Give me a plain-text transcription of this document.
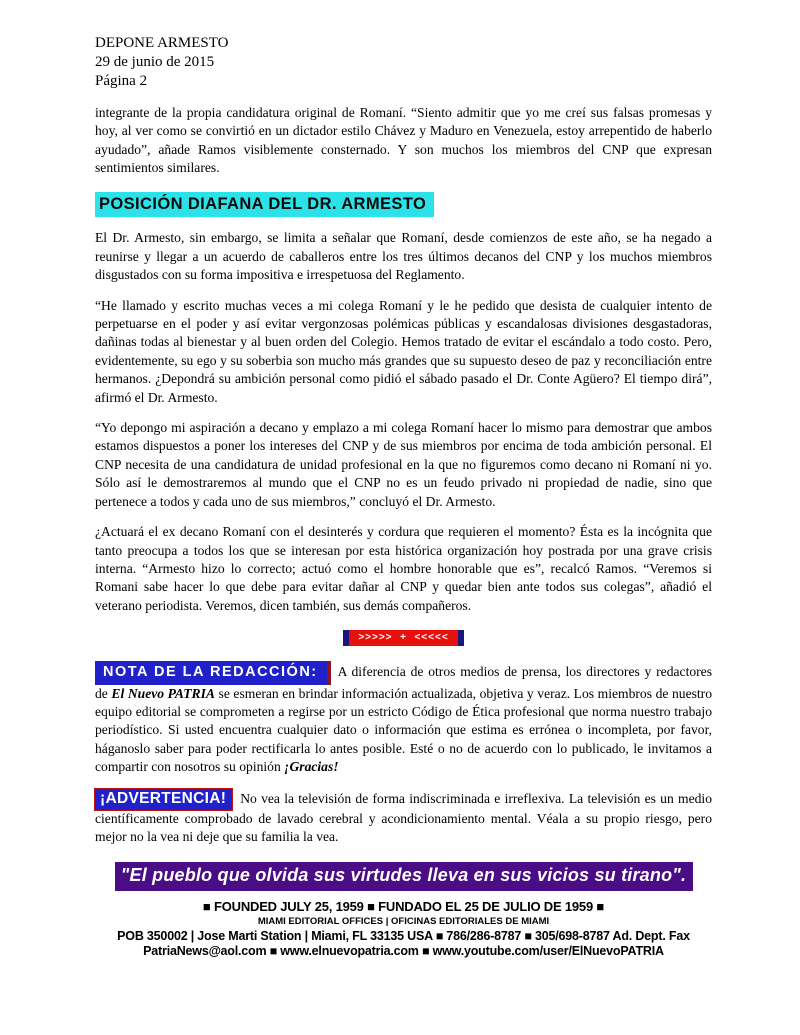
DEPONE ARMESTO
29 de junio de 2015
Página 2

integrante de la propia candidatura original de Romaní. “Siento admitir que yo me creí sus falsas promesas y hoy, al ver como se convirtió en un dictador estilo Chávez y Maduro en Venezuela, estoy arrepentido de haberlo ayudado”, añade Ramos visiblemente consternado. Y son muchos los miembros del CNP que expresan sentimientos similares.

POSICIÓN DIAFANA DEL DR. ARMESTO

El Dr. Armesto, sin embargo, se limita a señalar que Romaní, desde comienzos de este año, se ha negado a reunirse y llegar a un acuerdo de caballeros entre los tres últimos decanos del CNP y los muchos miembros disgustados con su forma impositiva e irrespetuosa del Reglamento.

“He llamado y escrito muchas veces a mi colega Romaní y le he pedido que desista de cualquier intento de perpetuarse en el poder y así evitar vergonzosas polémicas públicas y escandalosas divisiones desgastadoras, dañinas todas al bienestar y al buen orden del Colegio. Hemos tratado de evitar el escándalo a todo costo. Pero, evidentemente, su ego y su soberbia son mucho más grandes que su supuesto deseo de paz y reconciliación entre hermanos. ¿Depondrá su ambición personal como pidió el sábado pasado el Dr. Conte Agüero? El tiempo dirá”, afirmó el Dr. Armesto.

“Yo depongo mi aspiración a decano y emplazo a mi colega Romaní hacer lo mismo para demostrar que ambos estamos dispuestos a poner los intereses del CNP y de sus miembros por encima de toda ambición personal. El CNP necesita de una candidatura de unidad profesional en la que no figuremos como decano ni Romaní ni yo. Sólo así le demostraremos al mundo que el CNP no es un feudo privado ni propiedad de nadie, sino que pertenece a todos y cada uno de sus miembros,” concluyó el Dr. Armesto.

¿Actuará el ex decano Romaní con el desinterés y cordura que requieren el momento? Ésta es la incógnita que tanto preocupa a todos los que se interesan por esta histórica organización hoy postrada por una grave crisis interna. “Armesto hizo lo correcto; actuó como el hombre honorable que es”, recalcó Ramos. “Veremos si Romani sabe hacer lo que debe para evitar dañar al CNP y quedar bien ante todos sus colegas”, añadió el veterano periodista. Veremos, dicen también, sus demás compañeros.

>>>>>  +  <<<<<

NOTA DE LA REDACCIÓN: A diferencia de otros medios de prensa, los directores y redactores de El Nuevo PATRIA se esmeran en brindar información actualizada, objetiva y veraz. Los miembros de nuestro equipo editorial se comprometen a regirse por un estricto Código de Ética profesional que norma nuestro trabajo periodístico. Si usted encuentra cualquier dato o información que estima es errónea o incompleta, por favor, háganoslo saber para poder rectificarla lo antes posible. Esté o no de acuerdo con lo publicado, le invitamos a compartir con nosotros su opinión ¡Gracias!

¡ADVERTENCIA! No vea la televisión de forma indiscriminada e irreflexiva. La televisión es un medio científicamente comprobado de lavado cerebral y acondicionamiento mental. Véala a su propio riesgo, pero mejor no la vea ni deje que su familia la vea.

"El pueblo que olvida sus virtudes lleva en sus vicios su tirano".
■ FOUNDED JULY 25, 1959 ■ FUNDADO EL 25 DE JULIO DE 1959 ■
MIAMI EDITORIAL OFFICES | OFICINAS EDITORIALES DE MIAMI
POB 350002 | Jose Marti Station | Miami, FL 33135 USA ■ 786/286-8787 ■ 305/698-8787 Ad. Dept. Fax
PatriaNews@aol.com ■ www.elnuevopatria.com ■ www.youtube.com/user/ElNuevoPATRIA
